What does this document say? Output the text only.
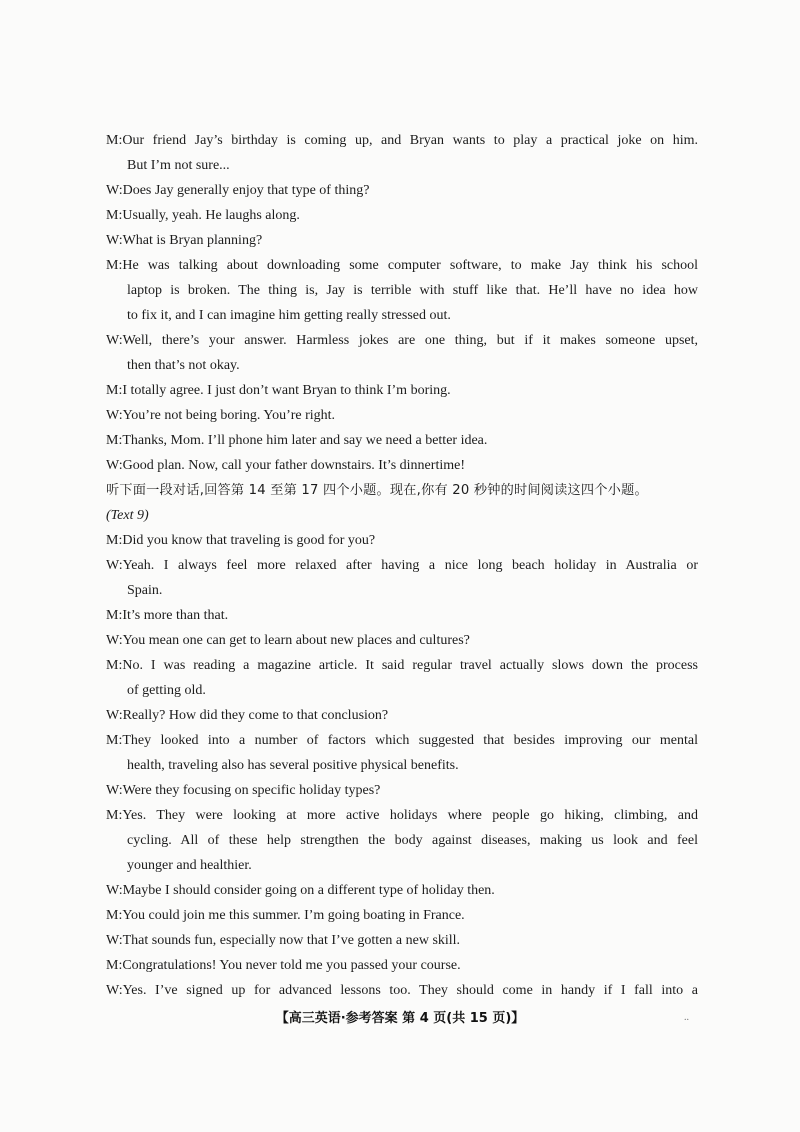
M:Our friend Jay’s birthday is coming up, and Bryan wants to play a practical joke on him.
But I’m not sure...
W:Does Jay generally enjoy that type of thing?
M:Usually, yeah. He laughs along.
W:What is Bryan planning?
M:He was talking about downloading some computer software, to make Jay think his school
laptop is broken. The thing is, Jay is terrible with stuff like that. He’ll have no idea how
to fix it, and I can imagine him getting really stressed out.
W:Well, there’s your answer. Harmless jokes are one thing, but if it makes someone upset,
then that’s not okay.
M:I totally agree. I just don’t want Bryan to think I’m boring.
W:You’re not being boring. You’re right.
M:Thanks, Mom. I’ll phone him later and say we need a better idea.
W:Good plan. Now, call your father downstairs. It’s dinnertime!
听下面一段对话,回答第 14 至第 17 四个小题。现在,你有 20 秒钟的时间阅读这四个小题。
(Text 9)
M:Did you know that traveling is good for you?
W:Yeah. I always feel more relaxed after having a nice long beach holiday in Australia or
Spain.
M:It’s more than that.
W:You mean one can get to learn about new places and cultures?
M:No. I was reading a magazine article. It said regular travel actually slows down the process
of getting old.
W:Really? How did they come to that conclusion?
M:They looked into a number of factors which suggested that besides improving our mental
health, traveling also has several positive physical benefits.
W:Were they focusing on specific holiday types?
M:Yes. They were looking at more active holidays where people go hiking, climbing, and
cycling. All of these help strengthen the body against diseases, making us look and feel
younger and healthier.
W:Maybe I should consider going on a different type of holiday then.
M:You could join me this summer. I’m going boating in France.
W:That sounds fun, especially now that I’ve gotten a new skill.
M:Congratulations! You never told me you passed your course.
W:Yes. I’ve signed up for advanced lessons too. They should come in handy if I fall into a
【高三英语·参考答案 第 4 页(共 15 页)】	..
